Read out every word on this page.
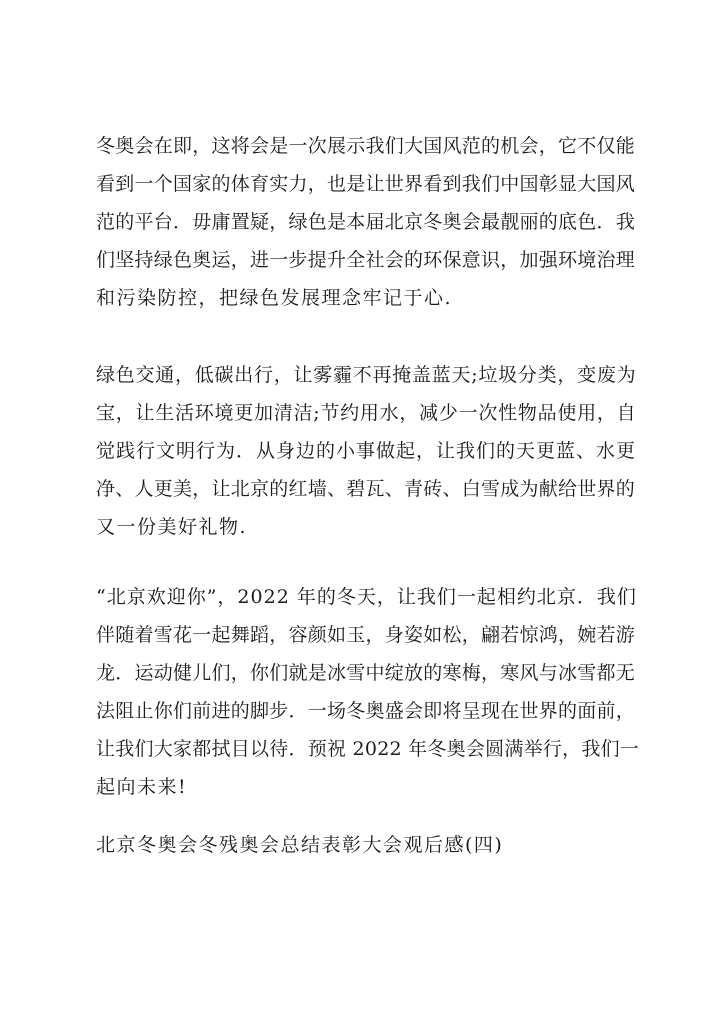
冬奥会在即，这将会是一次展示我们大国风范的机会，它不仅能
看到一个国家的体育实力，也是让世界看到我们中国彰显大国风
范的平台．毋庸置疑，绿色是本届北京冬奥会最靓丽的底色．我
们坚持绿色奥运，进一步提升全社会的环保意识，加强环境治理
和污染防控，把绿色发展理念牢记于心.
绿色交通，低碳出行，让雾霾不再掩盖蓝天;垃圾分类，变废为
宝，让生活环境更加清洁;节约用水，减少一次性物品使用，自
觉践行文明行为．从身边的小事做起，让我们的天更蓝、水更
净、人更美，让北京的红墙、碧瓦、青砖、白雪成为献给世界的
又一份美好礼物.
“北京欢迎你”，2022 年的冬天，让我们一起相约北京．我们
伴随着雪花一起舞蹈，容颜如玉，身姿如松，翩若惊鸿，婉若游
龙．运动健儿们，你们就是冰雪中绽放的寒梅，寒风与冰雪都无
法阻止你们前进的脚步．一场冬奥盛会即将呈现在世界的面前，
让我们大家都拭目以待．预祝 2022 年冬奥会圆满举行，我们一
起向未来!
北京冬奥会冬残奥会总结表彰大会观后感(四)
